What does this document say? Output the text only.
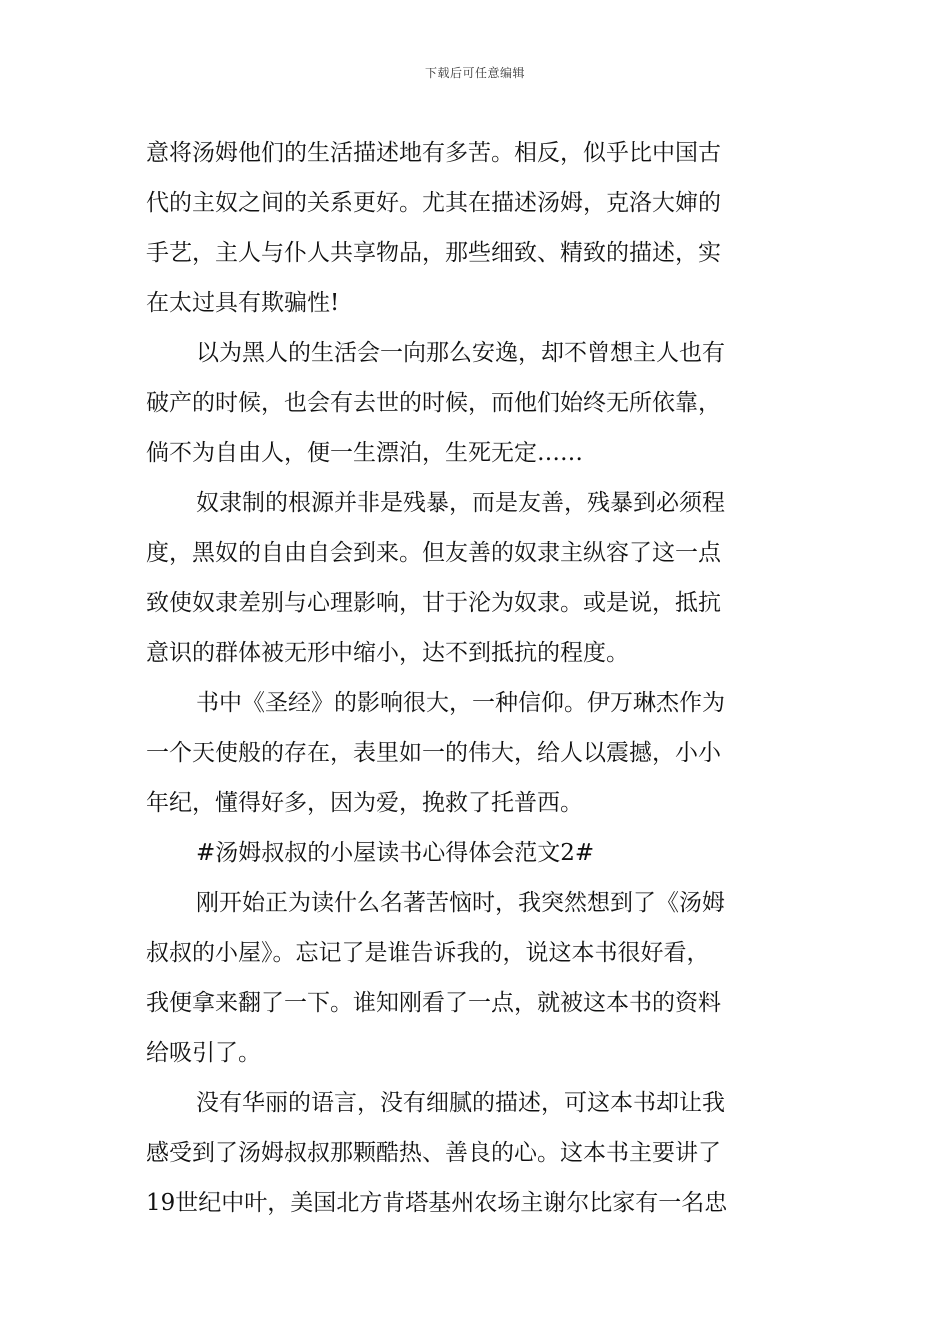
下载后可任意编辑
意将汤姆他们的生活描述地有多苦。相反，似乎比中国古
代的主奴之间的关系更好。尤其在描述汤姆，克洛大婶的
手艺，主人与仆人共享物品，那些细致、精致的描述，实
在太过具有欺骗性!
以为黑人的生活会一向那么安逸，却不曾想主人也有
破产的时候，也会有去世的时候，而他们始终无所依靠，
倘不为自由人，便一生漂泊，生死无定……
奴隶制的根源并非是残暴，而是友善，残暴到必须程
度，黑奴的自由自会到来。但友善的奴隶主纵容了这一点
致使奴隶差别与心理影响，甘于沦为奴隶。或是说，抵抗
意识的群体被无形中缩小，达不到抵抗的程度。
书中《圣经》的影响很大，一种信仰。伊万琳杰作为
一个天使般的存在，表里如一的伟大，给人以震撼，小小
年纪，懂得好多，因为爱，挽救了托普西。
#汤姆叔叔的小屋读书心得体会范文2#
刚开始正为读什么名著苦恼时，我突然想到了《汤姆
叔叔的小屋》。忘记了是谁告诉我的，说这本书很好看，
我便拿来翻了一下。谁知刚看了一点，就被这本书的资料
给吸引了。
没有华丽的语言，没有细腻的描述，可这本书却让我
感受到了汤姆叔叔那颗酷热、善良的心。这本书主要讲了
19世纪中叶，美国北方肯塔基州农场主谢尔比家有一名忠
